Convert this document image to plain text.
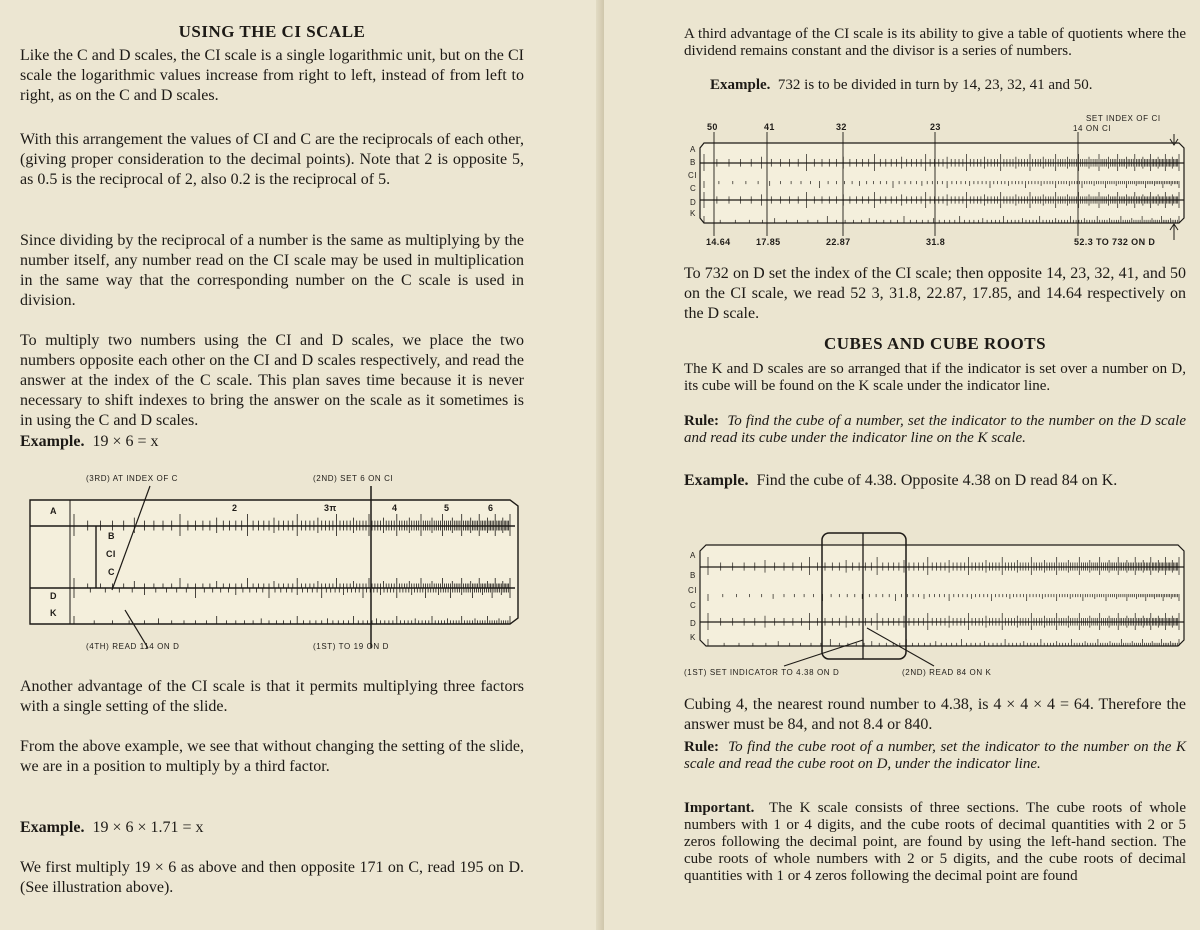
USING THE CI SCALE

Like the C and D scales, the CI scale is a single logarithmic unit, but on the CI scale the logarithmic values increase from right to left, instead of from left to right, as on the C and D scales.

With this arrangement the values of CI and C are the reciprocals of each other, (giving proper consideration to the decimal points). Note that 2 is opposite 5, as 0.5 is the reciprocal of 2, also 0.2 is the reciprocal of 5.

Since dividing by the reciprocal of a number is the same as multiplying by the number itself, any number read on the CI scale may be used in multiplication in the same way that the corresponding number on the C scale is used in division.

To multiply two numbers using the CI and D scales, we place the two numbers opposite each other on the CI and D scales respectively, and read the answer at the index of the C scale. This plan saves time because it is never necessary to shift indexes to bring the answer on the scale as it sometimes is in using the C and D scales.

Example. 19 × 6 = x
(3RD) AT INDEX OF C	(2ND) SET 6 ON CI
A
B
CI
C
D
K
2	3π	4	5	6
(4TH) READ 114 ON D	(1ST) TO 19 ON D

Another advantage of the CI scale is that it permits multiplying three factors with a single setting of the slide.

From the above example, we see that without changing the setting of the slide, we are in a position to multiply by a third factor.

Example. 19 × 6 × 1.71 = x

We first multiply 19 × 6 as above and then opposite 171 on C, read 195 on D. (See illustration above).

A third advantage of the CI scale is its ability to give a table of quotients where the dividend remains constant and the divisor is a series of numbers.

Example. 732 is to be divided in turn by 14, 23, 32, 41 and 50.
50	41	32	23
SET INDEX OF CI
14 ON CI
A
B
CI
C
D
K
14.64	17.85	22.87	31.8	52.3 TO 732 ON D

To 732 on D set the index of the CI scale; then opposite 14, 23, 32, 41, and 50 on the CI scale, we read 52 3, 31.8, 22.87, 17.85, and 14.64 respectively on the D scale.

CUBES AND CUBE ROOTS

The K and D scales are so arranged that if the indicator is set over a number on D, its cube will be found on the K scale under the indicator line.

Rule: To find the cube of a number, set the indicator to the number on the D scale and read its cube under the indicator line on the K scale.
Example. Find the cube of 4.38. Opposite 4.38 on D read 84 on K.
A
B
CI
C
D
K
(1ST) SET INDICATOR TO 4.38 ON D	(2ND) READ 84 ON K

Cubing 4, the nearest round number to 4.38, is 4 × 4 × 4 = 64. Therefore the answer must be 84, and not 8.4 or 840.

Rule: To find the cube root of a number, set the indicator to the number on the K scale and read the cube root on D, under the indicator line.
Important. The K scale consists of three sections. The cube roots of whole numbers with 1 or 4 digits, and the cube roots of decimal quantities with 2 or 5 zeros following the decimal point, are found by using the left-hand section. The cube roots of whole numbers with 2 or 5 digits, and the cube roots of decimal quantities with 1 or 4 zeros following the decimal point are found
